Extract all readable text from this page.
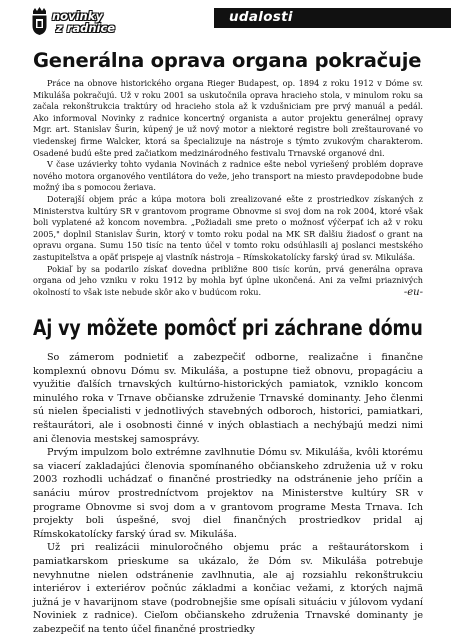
novinky
z radnice
udalosti
Generálna oprava organa pokračuje

Práce na obnove historického organa Rieger Budapest, op. 1894 z roku 1912 v Dóme sv. Mikuláša pokračujú. Už v roku 2001 sa uskutočnila oprava hracieho stola, v minulom roku sa začala rekonštrukcia traktúry od hracieho stola až k vzdušniciam pre prvý manuál a pedál. Ako informoval Novinky z radnice koncertný organista a autor projektu generálnej opravy Mgr. art. Stanislav Šurin, kúpený je už nový motor a niektoré registre boli zreštaurované vo viedenskej firme Walcker, ktorá sa špecializuje na nástroje s týmto zvukovým charakterom. Osadené budú ešte pred začiatkom medzinárodného festivalu Trnavské organové dni.

V čase uzávierky tohto vydania Novinách z radnice ešte nebol vyriešený problém doprave nového motora organového ventilátora do veže, jeho transport na miesto pravdepodobne bude možný iba s pomocou žeriava.

Doterajší objem prác a kúpa motora boli zrealizované ešte z prostriedkov získaných z Ministerstva kultúry SR v grantovom programe Obnovme si svoj dom na rok 2004, ktoré však boli vyplatené až koncom novembra. „Požiadali sme preto o možnosť výčerpať ich až v roku 2005," doplnil Stanislav Šurin, ktorý v tomto roku podal na MK SR ďalšiu žiadosť o grant na opravu organa. Sumu 150 tisíc na tento účel v tomto roku odsúhlasili aj poslanci mestského zastupiteľstva a opäť prispeje aj vlastník nástroja – Rímskokatolícky farský úrad sv. Mikuláša.

Pokiaľ by sa podarilo získať dovedna približne 800 tisíc korún, prvá generálna oprava organa od jeho vzniku v roku 1912 by mohla byť úplne ukončená. Ani za veľmi priaznivých okolností to však iste nebude skôr ako v budúcom roku.	-eu-

Aj vy môžete pomôcť pri záchrane dómu

So zámerom podnietiť a zabezpečiť odborne, realizačne i finančne komplexnú obnovu Dómu sv. Mikuláša, a postupne tiež obnovu, propagáciu a využitie ďalších trnavských kultúrno-historických pamiatok, vzniklo koncom minulého roka v Trnave občianske združenie Trnavské dominanty. Jeho členmi sú nielen špecialisti v jednotlivých stavebných odboroch, historici, pamiatkari, reštaurátori, ale i osobnosti činné v iných oblastiach a nechýbajú medzi nimi ani členovia mestskej samosprávy.

Prvým impulzom bolo extrémne zavlhnutie Dómu sv. Mikuláša, kvôli ktorému sa viacerí zakladajúci členovia spomínaného občianskeho združenia už v roku 2003 rozhodli uchádzať o finančné prostriedky na odstránenie jeho príčin a sanáciu múrov prostredníctvom projektov na Ministerstve kultúry SR v programe Obnovme si svoj dom a v grantovom programe Mesta Trnava. Ich projekty boli úspešné, svoj diel finančných prostriedkov pridal aj Rímskokatolícky farský úrad sv. Mikuláša.

Už pri realizácii minuloročného objemu prác a reštaurátorskom i pamiatkarskom prieskume sa ukázalo, že Dóm sv. Mikuláša potrebuje nevyhnutne nielen odstránenie zavlhnutia, ale aj rozsiahlu rekonštrukciu interiérov i exteriérov počnúc základmi a končiac vežami, z ktorých najmä južná je v havarijnom stave (podrobnejšie sme opísali situáciu v júlovom vydaní Noviniek z radnice). Cieľom občianskeho združenia Trnavské dominanty je zabezpečiť na tento účel finančné prostriedky
